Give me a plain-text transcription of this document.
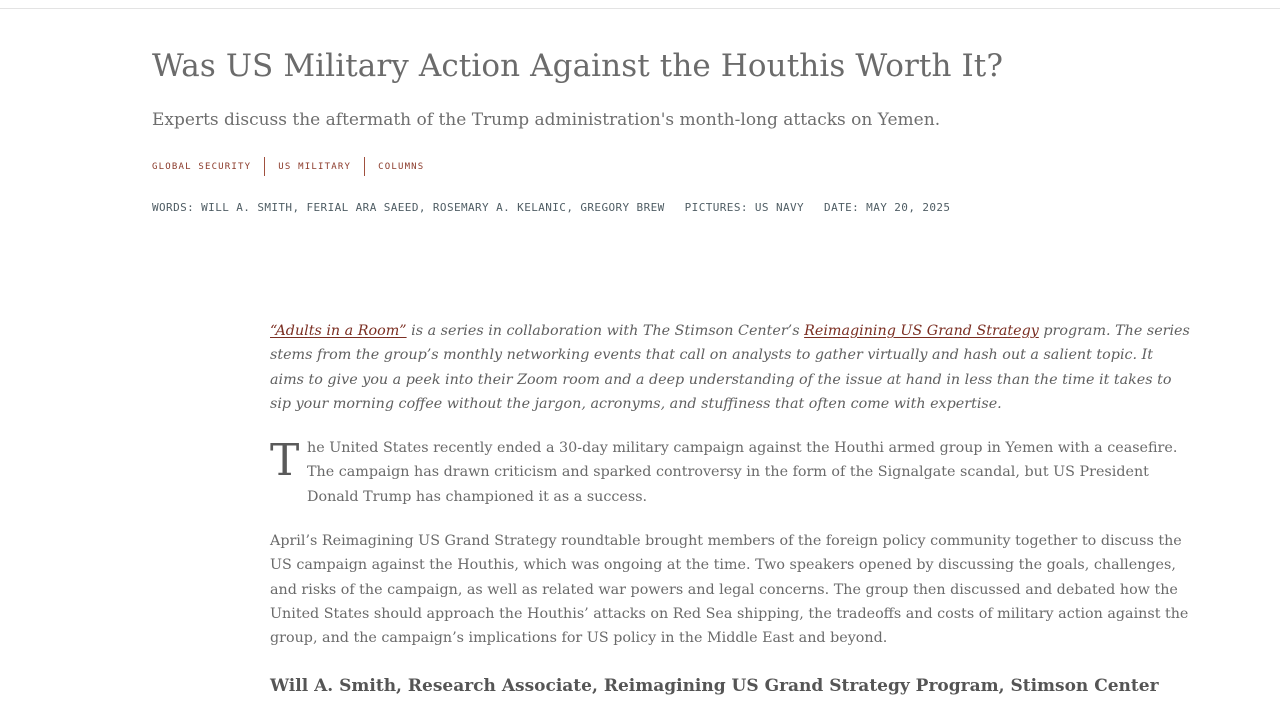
Was US Military Action Against the Houthis Worth It?

Experts discuss the aftermath of the Trump administration's month-long attacks on Yemen.

GLOBAL SECURITY	US MILITARY	COLUMNS
WORDS: WILL A. SMITH, FERIAL ARA SAEED, ROSEMARY A. KELANIC, GREGORY BREW PICTURES: US NAVY DATE: MAY 20, 2025

“Adults in a Room” is a series in collaboration with The Stimson Center’s Reimagining US Grand Strategy program. The series stems from the group’s monthly networking events that call on analysts to gather virtually and hash out a salient topic. It aims to give you a peek into their Zoom room and a deep understanding of the issue at hand in less than the time it takes to sip your morning coffee without the jargon, acronyms, and stuffiness that often come with expertise.

T he United States recently ended a 30-day military campaign against the Houthi armed group in Yemen with a ceasefire. The campaign has drawn criticism and sparked controversy in the form of the Signalgate scandal, but US President Donald Trump has championed it as a success.

April’s Reimagining US Grand Strategy roundtable brought members of the foreign policy community together to discuss the US campaign against the Houthis, which was ongoing at the time. Two speakers opened by discussing the goals, challenges, and risks of the campaign, as well as related war powers and legal concerns. The group then discussed and debated how the United States should approach the Houthis’ attacks on Red Sea shipping, the tradeoffs and costs of military action against the group, and the campaign’s implications for US policy in the Middle East and beyond.

Will A. Smith, Research Associate, Reimagining US Grand Strategy Program, Stimson Center
